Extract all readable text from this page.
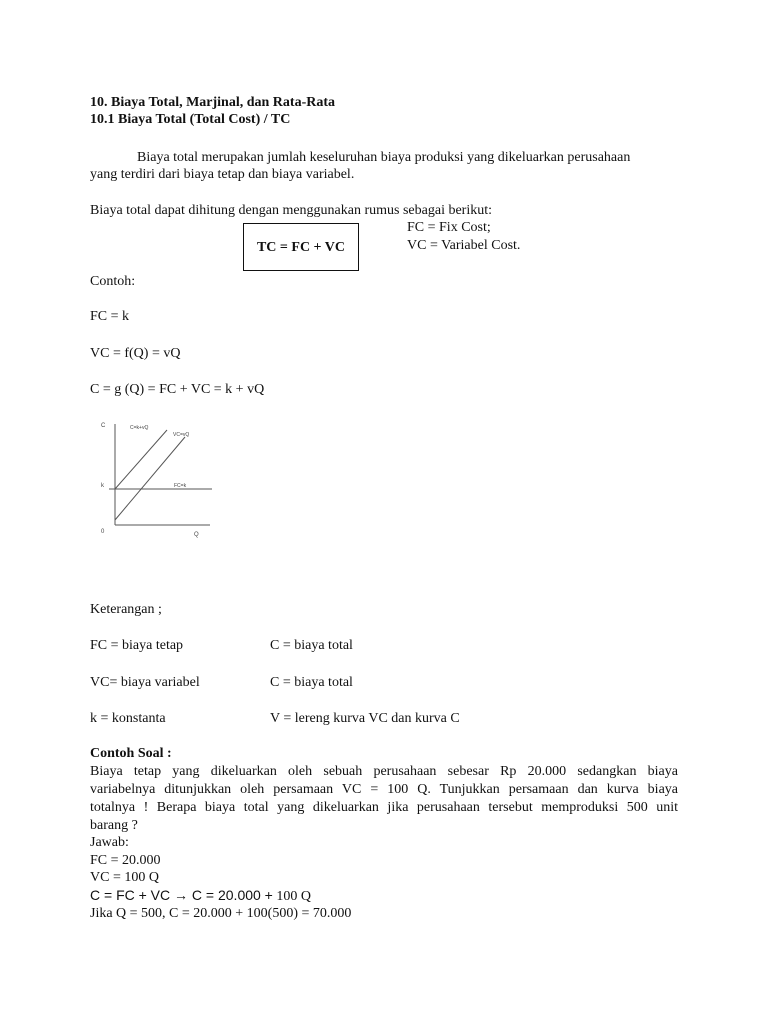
10. Biaya Total, Marjinal, dan Rata-Rata
10.1 Biaya Total (Total Cost) / TC
Biaya total merupakan jumlah keseluruhan biaya produksi yang dikeluarkan perusahaan
yang terdiri dari biaya tetap dan biaya variabel.
Biaya total dapat dihitung dengan menggunakan rumus sebagai berikut:
FC = Fix Cost;
VC = Variabel Cost.
TC = FC + VC
Contoh:
FC = k
VC = f(Q) = vQ
C = g (Q) = FC + VC = k + vQ
C
Q
0
k
C=k+vQ
VC=vQ
FC=k
Keterangan ;
FC = biaya tetap	C = biaya total
VC= biaya variabel	C = biaya total
k = konstanta	V = lereng kurva VC dan kurva C
Contoh Soal :
Biaya tetap yang dikeluarkan oleh sebuah perusahaan sebesar Rp 20.000 sedangkan biaya
variabelnya ditunjukkan oleh persamaan VC = 100 Q. Tunjukkan persamaan dan kurva biaya
totalnya ! Berapa biaya total yang dikeluarkan jika perusahaan tersebut memproduksi 500 unit
barang ?
Jawab:
FC = 20.000
VC = 100 Q
C = FC + VC → C = 20.000 + 100 Q
Jika Q = 500, C = 20.000 + 100(500) = 70.000
